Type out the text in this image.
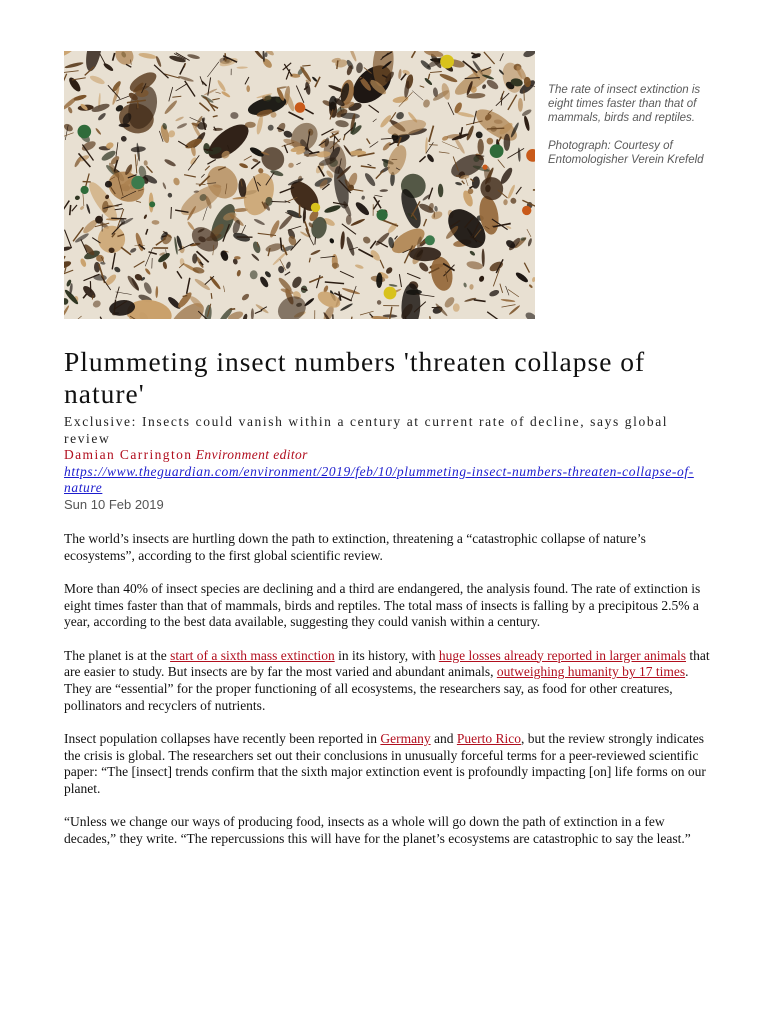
The rate of insect extinction is eight times faster than that of mammals, birds and reptiles.

Photograph: Courtesy of Entomologisher Verein Krefeld

Plummeting insect numbers 'threaten collapse of nature'
Exclusive: Insects could vanish within a century at current rate of decline, says global review
Damian Carrington Environment editor
https://www.theguardian.com/environment/2019/feb/10/plummeting-insect-numbers-threaten-collapse-of-nature
Sun 10 Feb 2019

The world’s insects are hurtling down the path to extinction, threatening a “catastrophic collapse of nature’s ecosystems”, according to the first global scientific review.

More than 40% of insect species are declining and a third are endangered, the analysis found. The rate of extinction is eight times faster than that of mammals, birds and reptiles. The total mass of insects is falling by a precipitous 2.5% a year, according to the best data available, suggesting they could vanish within a century.

The planet is at the start of a sixth mass extinction in its history, with huge losses already reported in larger animals that are easier to study. But insects are by far the most varied and abundant animals, outweighing humanity by 17 times. They are “essential” for the proper functioning of all ecosystems, the researchers say, as food for other creatures, pollinators and recyclers of nutrients.

Insect population collapses have recently been reported in Germany and Puerto Rico, but the review strongly indicates the crisis is global. The researchers set out their conclusions in unusually forceful terms for a peer-reviewed scientific paper: “The [insect] trends confirm that the sixth major extinction event is profoundly impacting [on] life forms on our planet.

“Unless we change our ways of producing food, insects as a whole will go down the path of extinction in a few decades,” they write. “The repercussions this will have for the planet’s ecosystems are catastrophic to say the least.”
